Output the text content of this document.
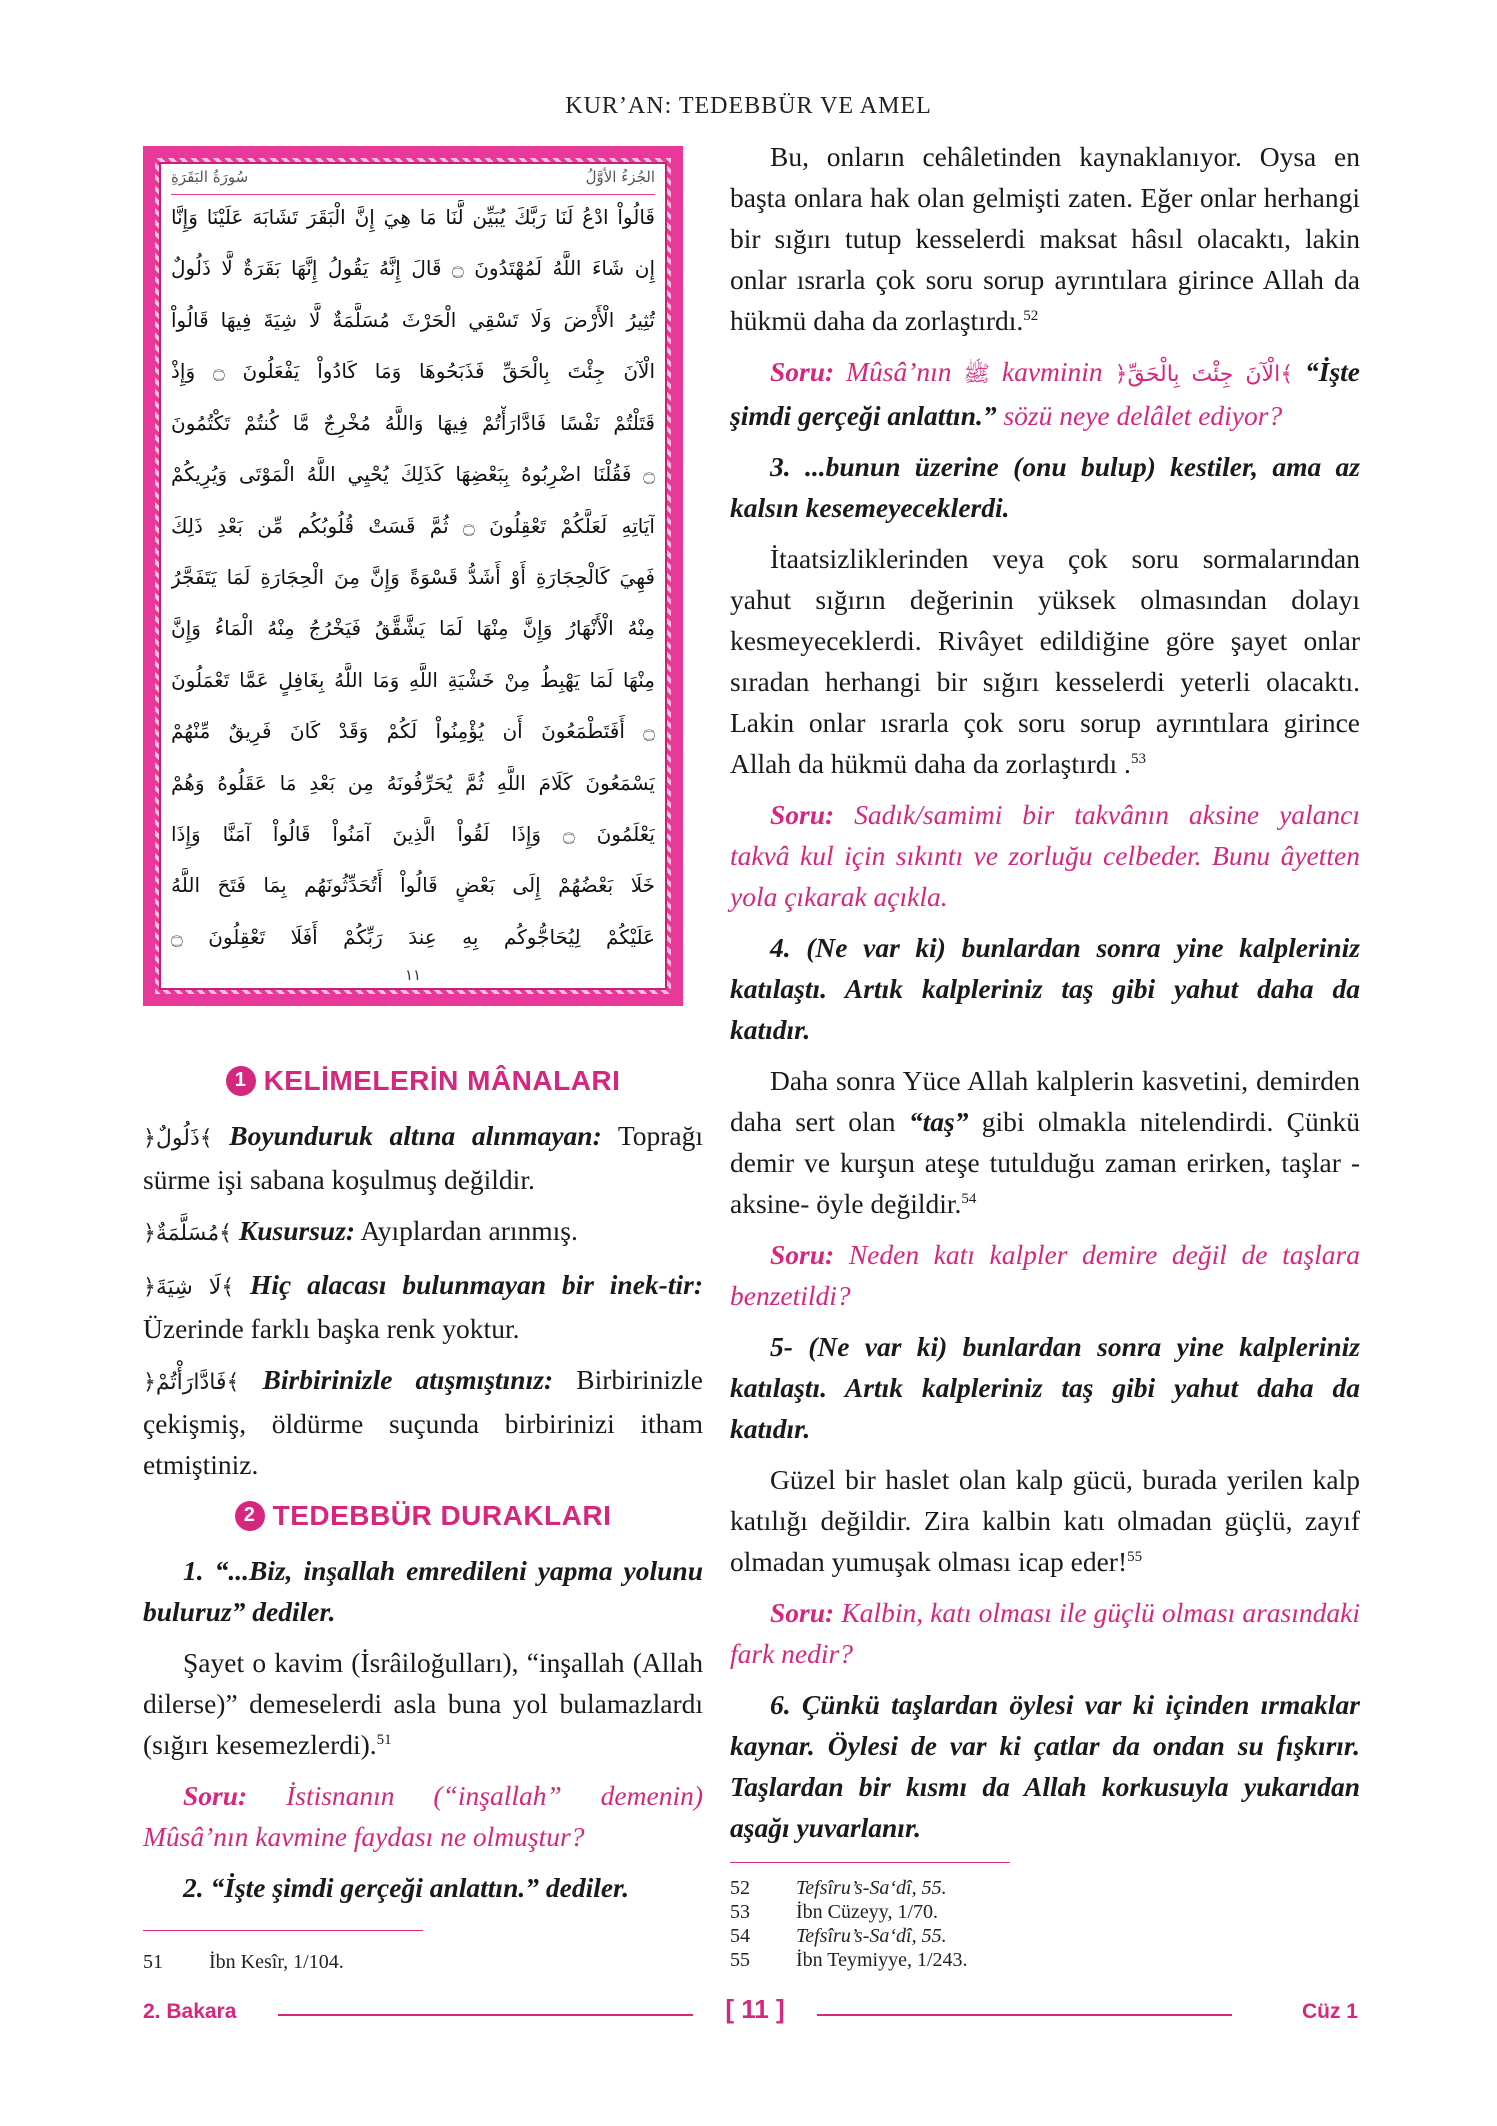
KUR’AN: TEDEBBÜR VE AMEL
الجُزءُ الأوَّلُ
سُورَةُ البَقَرَةِ
قَالُواْ ادْعُ لَنَا رَبَّكَ يُبَيِّن لَّنَا مَا هِيَ إِنَّ الْبَقَرَ تَشَابَهَ عَلَيْنَا وَإِنَّا
إِن شَاءَ اللَّهُ لَمُهْتَدُونَ ۝ قَالَ إِنَّهُ يَقُولُ إِنَّهَا بَقَرَةٌ لَّا ذَلُولٌ
تُثِيرُ الْأَرْضَ وَلَا تَسْقِي الْحَرْثَ مُسَلَّمَةٌ لَّا شِيَةَ فِيهَا قَالُواْ
الْآنَ جِئْتَ بِالْحَقِّ فَذَبَحُوهَا وَمَا كَادُواْ يَفْعَلُونَ ۝ وَإِذْ
قَتَلْتُمْ نَفْسًا فَادَّارَأْتُمْ فِيهَا وَاللَّهُ مُخْرِجٌ مَّا كُنتُمْ تَكْتُمُونَ
۝ فَقُلْنَا اضْرِبُوهُ بِبَعْضِهَا كَذَلِكَ يُحْيِي اللَّهُ الْمَوْتَى وَيُرِيكُمْ
آيَاتِهِ لَعَلَّكُمْ تَعْقِلُونَ ۝ ثُمَّ قَسَتْ قُلُوبُكُم مِّن بَعْدِ ذَلِكَ
فَهِيَ كَالْحِجَارَةِ أَوْ أَشَدُّ قَسْوَةً وَإِنَّ مِنَ الْحِجَارَةِ لَمَا يَتَفَجَّرُ
مِنْهُ الْأَنْهَارُ وَإِنَّ مِنْهَا لَمَا يَشَّقَّقُ فَيَخْرُجُ مِنْهُ الْمَاءُ وَإِنَّ
مِنْهَا لَمَا يَهْبِطُ مِنْ خَشْيَةِ اللَّهِ وَمَا اللَّهُ بِغَافِلٍ عَمَّا تَعْمَلُونَ
۝ أَفَتَطْمَعُونَ أَن يُؤْمِنُواْ لَكُمْ وَقَدْ كَانَ فَرِيقٌ مِّنْهُمْ
يَسْمَعُونَ كَلَامَ اللَّهِ ثُمَّ يُحَرِّفُونَهُ مِن بَعْدِ مَا عَقَلُوهُ وَهُمْ
يَعْلَمُونَ ۝ وَإِذَا لَقُواْ الَّذِينَ آمَنُواْ قَالُواْ آمَنَّا وَإِذَا
خَلَا بَعْضُهُمْ إِلَى بَعْضٍ قَالُواْ أَتُحَدِّثُونَهُم بِمَا فَتَحَ اللَّهُ
عَلَيْكُمْ لِيُحَاجُّوكُم بِهِ عِندَ رَبِّكُمْ أَفَلَا تَعْقِلُونَ ۝
١١
1 KELİMELERİN MÂNALARI

﴿ذَلُولٌ﴾ Boyunduruk altına alınmayan: Toprağı sürme işi sabana koşulmuş değildir.

﴿مُسَلَّمَةٌ﴾ Kusursuz: Ayıplardan arınmış.

﴿لَا شِيَةَ﴾ Hiç alacası bulunmayan bir inek-tir: Üzerinde farklı başka renk yoktur.

﴿فَادَّارَأْتُمْ﴾ Birbirinizle atışmıştınız: Birbirinizle çekişmiş, öldürme suçunda birbirinizi itham etmiştiniz.

2 TEDEBBÜR DURAKLARI

1. “...Biz, inşallah emredileni yapma yolunu buluruz” dediler.

Şayet o kavim (İsrâiloğulları), “inşallah (Allah dilerse)” demeselerdi asla buna yol bulamazlardı (sığırı kesemezlerdi).$^{51}$

Soru: İstisnanın (“inşallah” demenin) Mûsâ’nın kavmine faydası ne olmuştur?

2. “İşte şimdi gerçeği anlattın.” dediler.

Bu, onların cehâletinden kaynaklanıyor. Oysa en başta onlara hak olan gelmişti zaten. Eğer onlar herhangi bir sığırı tutup kesselerdi maksat hâsıl olacaktı, lakin onlar ısrarla çok soru sorup ayrıntılara girince Allah da hükmü daha da zorlaştırdı.$^{52}$

Soru: Mûsâ’nın ﷺ kavminin ﴿الْآنَ جِئْتَ بِالْحَقِّ﴾ “İşte şimdi gerçeği anlattın.” sözü neye delâlet ediyor?

3. ...bunun üzerine (onu bulup) kestiler, ama az kalsın kesemeyeceklerdi.

İtaatsizliklerinden veya çok soru sormalarından yahut sığırın değerinin yüksek olmasından dolayı kesmeyeceklerdi. Rivâyet edildiğine göre şayet onlar sıradan herhangi bir sığırı kesselerdi yeterli olacaktı. Lakin onlar ısrarla çok soru sorup ayrıntılara girince Allah da hükmü daha da zorlaştırdı .$^{53}$

Soru: Sadık/samimi bir takvânın aksine yalancı takvâ kul için sıkıntı ve zorluğu celbeder. Bunu âyetten yola çıkarak açıkla.

4. (Ne var ki) bunlardan sonra yine kalpleriniz katılaştı. Artık kalpleriniz taş gibi yahut daha da katıdır.

Daha sonra Yüce Allah kalplerin kasvetini, demirden daha sert olan “taş” gibi olmakla nitelendirdi. Çünkü demir ve kurşun ateşe tutulduğu zaman erirken, taşlar -aksine- öyle değildir.$^{54}$

Soru: Neden katı kalpler demire değil de taşlara benzetildi?

5- (Ne var ki) bunlardan sonra yine kalpleriniz katılaştı. Artık kalpleriniz taş gibi yahut daha da katıdır.

Güzel bir haslet olan kalp gücü, burada yerilen kalp katılığı değildir. Zira kalbin katı olmadan güçlü, zayıf olmadan yumuşak olması icap eder!$^{55}$

Soru: Kalbin, katı olması ile güçlü olması arasındaki fark nedir?

6. Çünkü taşlardan öylesi var ki içinden ırmaklar kaynar. Öylesi de var ki çatlar da ondan su fışkırır. Taşlardan bir kısmı da Allah korkusuyla yukarıdan aşağı yuvarlanır.

51	İbn Kesîr, 1/104.
52	Tefsîru’s-Sa‘dî, 55.
53	İbn Cüzeyy, 1/70.
54	Tefsîru’s-Sa‘dî, 55.
55	İbn Teymiyye, 1/243.
2. Bakara	[ 11 ]	Cüz 1
